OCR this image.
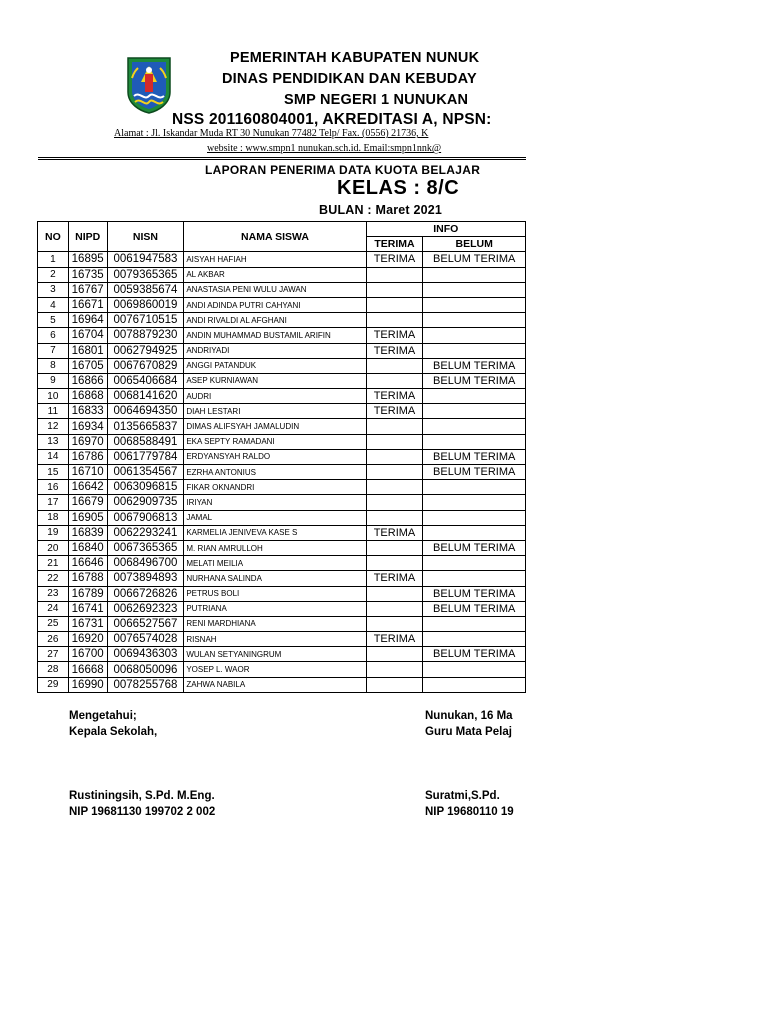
PEMERINTAH KABUPATEN NUNUK
DINAS PENDIDIKAN DAN KEBUDAY
SMP NEGERI 1 NUNUKAN
NSS 201160804001, AKREDITASI A, NPSN:
Alamat : Jl. Iskandar Muda RT 30 Nunukan 77482 Telp/ Fax. (0556) 21736, K
website : www.smpn1 nunukan.sch.id. Email:smpn1nnk@
LAPORAN PENERIMA DATA KUOTA BELAJAR
KELAS : 8/C
BULAN : Maret 2021
NO	NIPD	NISN	NAMA SISWA	INFO	
				TERIMA	BELUM
1	16895	0061947583	AISYAH HAFIAH	TERIMA	BELUM TERIMA
2	16735	0079365365	AL AKBAR		
3	16767	0059385674	ANASTASIA PENI WULU JAWAN		
4	16671	0069860019	ANDI ADINDA PUTRI CAHYANI		
5	16964	0076710515	ANDI RIVALDI AL AFGHANI		
6	16704	0078879230	ANDIN MUHAMMAD BUSTAMIL ARIFIN	TERIMA	
7	16801	0062794925	ANDRIYADI	TERIMA	
8	16705	0067670829	ANGGI PATANDUK		BELUM TERIMA
9	16866	0065406684	ASEP KURNIAWAN		BELUM TERIMA
10	16868	0068141620	AUDRI	TERIMA	
11	16833	0064694350	DIAH LESTARI	TERIMA	
12	16934	0135665837	DIMAS ALIFSYAH JAMALUDIN		
13	16970	0068588491	EKA SEPTY RAMADANI		
14	16786	0061779784	ERDYANSYAH RALDO		BELUM TERIMA
15	16710	0061354567	EZRHA ANTONIUS		BELUM TERIMA
16	16642	0063096815	FIKAR OKNANDRI		
17	16679	0062909735	IRIYAN		
18	16905	0067906813	JAMAL		
19	16839	0062293241	KARMELIA JENIVEVA KASE S	TERIMA	
20	16840	0067365365	M. RIAN AMRULLOH		BELUM TERIMA
21	16646	0068496700	MELATI MEILIA		
22	16788	0073894893	NURHANA SALINDA	TERIMA	
23	16789	0066726826	PETRUS BOLI		BELUM TERIMA
24	16741	0062692323	PUTRIANA		BELUM TERIMA
25	16731	0066527567	RENI MARDHIANA		
26	16920	0076574028	RISNAH	TERIMA	
27	16700	0069436303	WULAN SETYANINGRUM		BELUM TERIMA
28	16668	0068050096	YOSEP L. WAOR		
29	16990	0078255768	ZAHWA NABILA		
Mengetahui;
Kepala Sekolah,
Rustiningsih, S.Pd. M.Eng.
NIP 19681130 199702 2 002
Nunukan, 16 Ma
Guru Mata Pelaj
Suratmi,S.Pd.
NIP 19680110 19
